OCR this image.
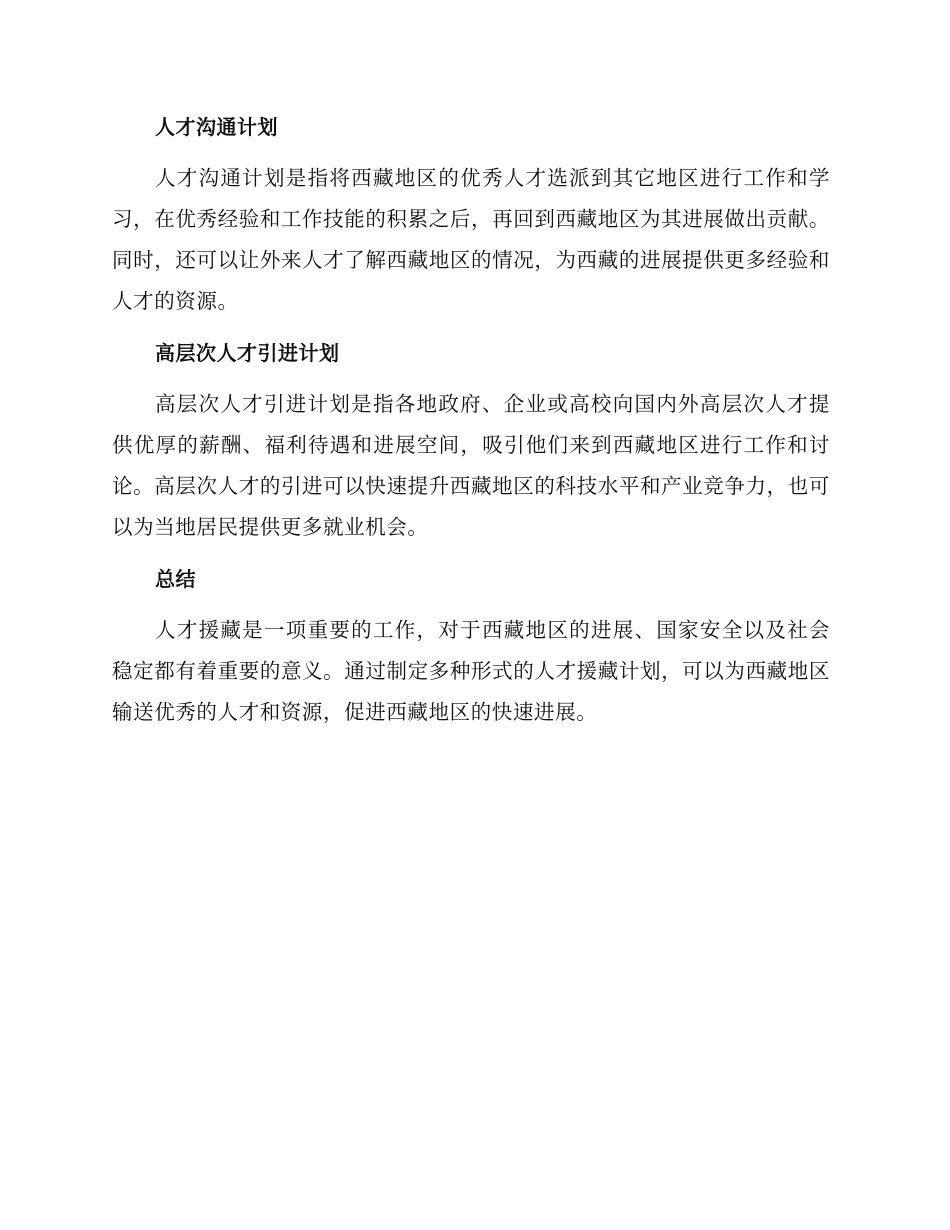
人才沟通计划

人才沟通计划是指将西藏地区的优秀人才选派到其它地区进行工作和学习，在优秀经验和工作技能的积累之后，再回到西藏地区为其进展做出贡献。同时，还可以让外来人才了解西藏地区的情况，为西藏的进展提供更多经验和人才的资源。

高层次人才引进计划

高层次人才引进计划是指各地政府、企业或高校向国内外高层次人才提供优厚的薪酬、福利待遇和进展空间，吸引他们来到西藏地区进行工作和讨论。高层次人才的引进可以快速提升西藏地区的科技水平和产业竞争力，也可以为当地居民提供更多就业机会。

总结

人才援藏是一项重要的工作，对于西藏地区的进展、国家安全以及社会稳定都有着重要的意义。通过制定多种形式的人才援藏计划，可以为西藏地区输送优秀的人才和资源，促进西藏地区的快速进展。
